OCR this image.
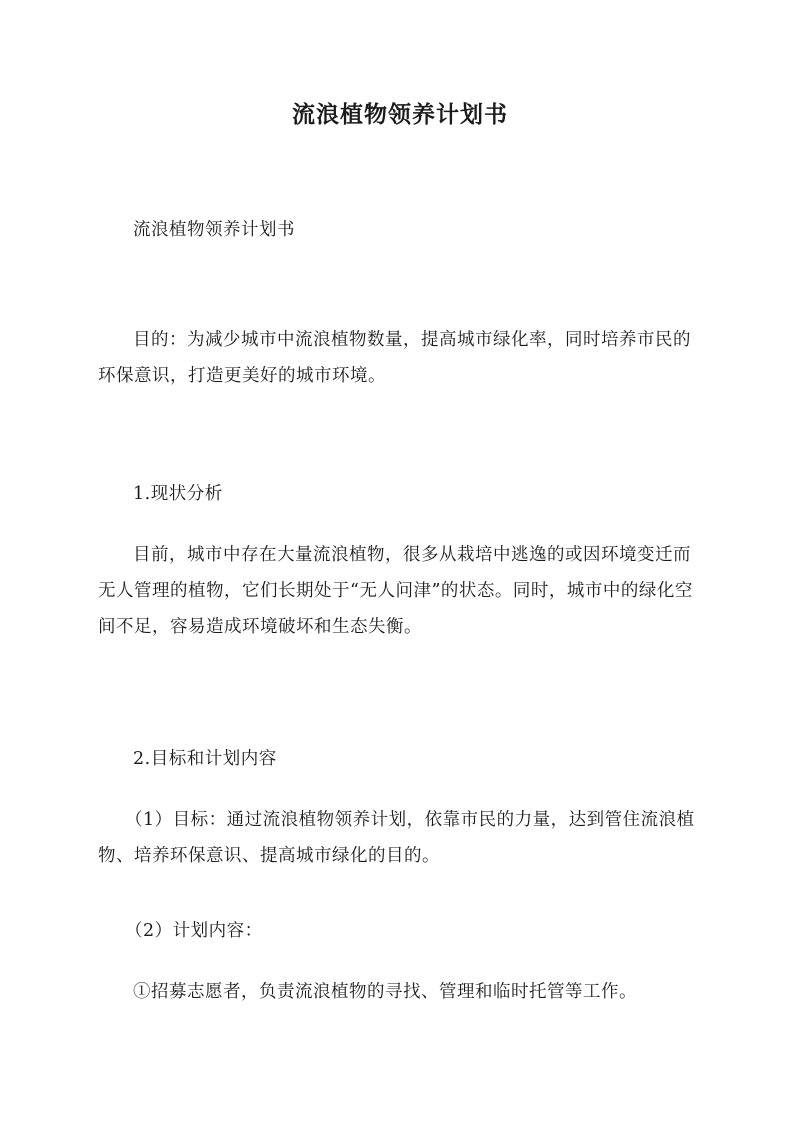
流浪植物领养计划书
流浪植物领养计划书
目的：为减少城市中流浪植物数量，提高城市绿化率，同时培养市民的环保意识，打造更美好的城市环境。
1.现状分析
目前，城市中存在大量流浪植物，很多从栽培中逃逸的或因环境变迁而无人管理的植物，它们长期处于“无人问津”的状态。同时，城市中的绿化空间不足，容易造成环境破坏和生态失衡。
2.目标和计划内容
（1）目标：通过流浪植物领养计划，依靠市民的力量，达到管住流浪植物、培养环保意识、提高城市绿化的目的。
（2）计划内容：
①招募志愿者，负责流浪植物的寻找、管理和临时托管等工作。
